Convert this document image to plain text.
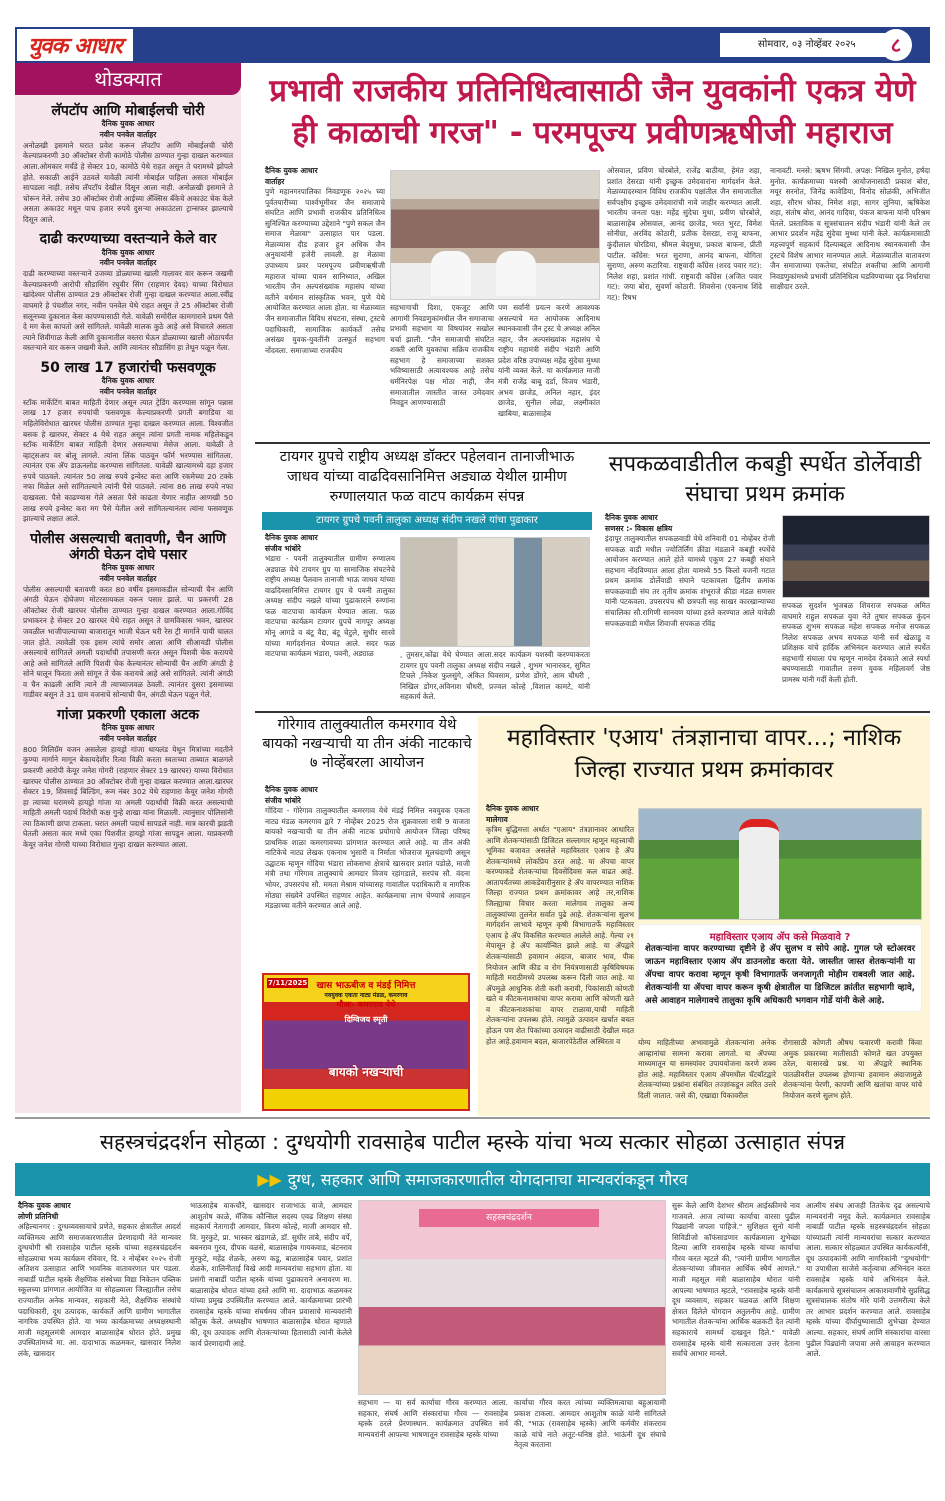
युवक आधार	सोमवार, ०३ नोव्हेंबर २०२५	८
थोडक्यात
लॅपटॉप आणि मोबाईलची चोरी
दैनिक युवक आधार
नवीन पनवेल वार्ताहर
अनोळखी इसमाने घरात प्रवेश करून लॅपटॉप आणि मोबाईलची चोरी केल्याप्रकरणी 30 ऑक्टोबर रोजी कामोठे पोलीस ठाण्यात गुन्हा दाखल करण्यात आला.ओमकार मर्चंडे हे सेक्टर 10, कामोठे येथे राहत असून ते घरामध्ये झोपले होते. सकाळी आईने उठवले यावेळी त्यांनी मोबाईल पाहिला असता मोबाईल सापडला नाही. तसेच लॅपटॉप देखील दिसून आला नाही. अनोळखी इसमाने ते चोरून नेले. तसेच 30 ऑक्टोबर रोजी आईच्या ॲक्सिस बँकेचे अकाउंट चेक केले असता अकाउंट मधून पाच हजार रुपये दुसऱ्या अकाउंटला ट्रान्सफर झाल्याचे दिसून आले.
दाढी करण्याच्या वस्तऱ्याने केले वार
दैनिक युवक आधार
नवीन पनवेल वार्ताहर
दाढी करण्याच्या वस्तऱ्याने उजव्या डोळ्याच्या खाली गालावर वार करून जखमी केल्याप्रकरणी आरोपी सौडासिंग रघुवीर सिंग (राहणार देवद) याच्या विरोधात खांदेश्वर पोलीस ठाण्यात 29 ऑक्टोबर रोजी गुन्हा दाखल करण्यात आला.रवींद्र वाघमारे हे पंचशील नगर, नवीन पनवेल येथे राहत असून ते 25 ऑक्टोबर रोजी सलूनच्या दुकानात केस कापण्यासाठी गेले. यावेळी समोरील कामगाराने प्रथम पैसे दे मग केस कापतो असे सांगितले. यावेळी मालक कुठे आहे असे विचारले असता त्याने शिवीगाळ केली आणि दुकानातील वस्तरा घेऊन डोळ्याच्या खाली ओठापर्यंत वस्तऱ्याने वार करून जखमी केले. आणि त्यानंतर सौडासिंग हा तेथून पळून गेला.
50 लाख 17 हजारांची फसवणूक
दैनिक युवक आधार
नवीन पनवेल वार्ताहर
स्टॉक मार्केटिंग बाबत माहिती देणार असून त्यात ट्रेडिंग करण्यास सांगून पन्नास लाख 17 हजार रुपयांची फसवणूक केल्याप्रकरणी प्रगती बगाडिया या महिलेविरोधात खारघर पोलीस ठाण्यात गुन्हा दाखल करण्यात आला. विश्वजीत बसक हे खारघर, सेक्टर 4 येथे राहत असून त्यांना प्रगती नामक महिलेकडून स्टॉक मार्केटिंग बाबत माहिती देणार असल्याचा मेसेज आला. यावेळी ते व्हाट्सअप वर बोलू लागले. त्यांना लिंक पाठवून फॉर्म भरण्यास सांगितला. त्यानंतर एक ॲप डाऊनलोड करण्यास सांगितला. यावेळी खात्यामध्ये दहा हजार रुपये पाठवले. त्यानंतर 50 लाख रुपये इन्वेस्ट करा आणि रकमेच्या 20 टक्के नफा मिळेल असे सांगितल्याने त्यांनी पैसे पाठवले. त्यांना 86 लाख रुपये नफा दाखवला. पैसे काढण्यास गेले असता पैसे काढता येणार नाहीत आणखी 50 लाख रुपये इन्वेस्ट करा मग पैसे येतील असे सांगितल्यानंतर त्यांना फसवणूक झाल्याचे लक्षात आले.
पोलीस असल्याची बतावणी, चैन आणि अंगठी घेऊन दोघे पसार
दैनिक युवक आधार
नवीन पनवेल वार्ताहर
पोलीस असल्याची बतावणी करत 80 वर्षीय इसमाकडील सोन्याची चैन आणि अंगठी घेऊन दोघेजण मोटरसायकल वरून पसार झाले. या प्रकरणी 28 ऑक्टोबर रोजी खारघर पोलीस ठाण्यात गुन्हा दाखल करण्यात आला.गोविंद प्रभाकरन हे सेक्टर 20 खारघर येथे राहत असून ते ग्रामविकास भवन, खारघर जवळील भाजीपाल्याच्या बाजारातून भाजी घेऊन घरी रेस ट्री मार्गाने पायी चालत जात होते. त्यावेळी एक इसम त्यांचे समोर आला आणि सीआयडी पोलीस असल्याचे सांगितले अमली पदार्थांची तपासणी करत असून पिशवी चेक करायचे आहे असे सांगितले आणि पिशवी चेक केल्यानंतर सोन्याची चैन आणि अंगठी हे सोने घालून फिरता असे सांगून ते चेक करायचे आहे असे सांगितले. त्यांनी अंगठी व चैन काढली आणि त्याने ती त्याच्याजवळ ठेवली. त्यानंतर दुसरा इसमाच्या गाडीवर बसून ते 31 ग्राम वजनाचे सोन्याची चैन, अंगठी घेऊन पळून गेले.
गांजा प्रकरणी एकाला अटक
दैनिक युवक आधार
नवीन पनवेल वार्ताहर
800 मिलिग्रॅम वजन असलेला हायड्रो गांजा थायलंड येथून मित्रांच्या मदतीने कुण्या मार्गाने मागून बेकायदेशीर रित्या विक्री करता स्वतःच्या ताब्यात बाळगले प्रकरणी आरोपी केयूर जनेश गोगरी (राहणार सेक्टर 19 खारघर) याच्या विरोधात खारघर पोलीस ठाण्यात 30 ऑक्टोबर रोजी गुन्हा दाखल करण्यात आला.खारघर सेक्टर 19, शिवसाई बिल्डिंग, रूम नंबर 302 येथे राहणारा केयूर जनेश गोगरी हा त्याच्या घरामध्ये हायड्रो गांजा या अमली पदार्थांची विक्री करत असल्याची माहिती अमली पदार्थ विरोधी कक्ष गुन्हे शाखा यांना मिळाली. त्यानुसार पोलिसांनी त्या ठिकाणी छापा टाकला. घरात अमली पदार्थ सापडले नाही. मात्र कारची झडती घेतली असता कार मध्ये एका पिशवीत हायड्रो गांजा सापडून आला. याप्रकरणी केयूर जनेश गोगरी याच्या विरोधात गुन्हा दाखल करण्यात आला.
प्रभावी राजकीय प्रतिनिधित्वासाठी जैन युवकांनी एकत्र येणे ही काळाची गरज" - परमपूज्य प्रवीणऋषीजी महाराज
दैनिक युवक आधार
वार्ताहर
पुणे महानगरपालिका निवडणूक २०२५ च्या पूर्वतयारीच्या पार्श्वभूमीवर जैन समाजाचे संघटित आणि प्रभावी राजकीय प्रतिनिधित्व सुनिश्चित करण्याच्या उद्देशाने "पुणे सकल जैन समाज मेळावा" उत्साहात पार पडला. मेळाव्यास दीड हजार हून अधिक जैन अनुयायांनी हजेरी लावली. हा मेळावा उपाध्याय प्रवर परमपूज्य प्रवीणऋषीजी महाराज यांच्या पावन सानिध्यात, अखिल भारतीय जैन अल्पसंख्यांक महासंघ यांच्या वतीने वर्धमान सांस्कृतिक भवन, पुणे येथे आयोजित करण्यात आला होता. या मेळाव्यात जैन समाजातील विविध संघटना, संस्था, ट्रस्टचे पदाधिकारी, सामाजिक कार्यकर्ते तसेच असंख्य युवक-युवतींनी उत्स्फूर्त सहभाग नोंदवला. समाजाच्या राजकीय
सहभागाची दिशा, एकजूट आणि आगामी निवडणुकांमधील जैन समाजाचा प्रभावी सहभाग या विषयांवर सखोल चर्चा झाली. "जैन समाजाची संघटित शक्ती आणि युवकांचा सक्रिय राजकीय सहभाग हे समाजाच्या सशक्त भविष्यासाठी अत्यावश्यक आहे तसेच धर्मनिरपेक्ष पक्ष मोठा नाही, जैन समाजातील जास्तीत जास्त उमेदवार निवडून आणण्यासाठी
पण सर्वांनी प्रयत्न करणे आवश्यक असल्याचे मत आयोजक आदिनाथ स्थानकवासी जैन ट्रस्ट चे अध्यक्ष अनिल नहार, जैन अल्पसंख्यांक महासंघ चे राष्ट्रीय महामंत्री संदीप भंडारी आणि प्रदेश वरिष्ठ उपाध्यक्ष महेंद्र सुंदेचा मुथ्था यांनी व्यक्त केले. या कार्यक्रमात माजी मंत्री राजेंद्र बाबू दर्डा, विजय भंडारी, अभय छाजेड, अनिल नहार, इंदर छाजेड, सुनील लोढा, लक्ष्मीकांत खाबिया, बाळासाहेब
ओसवाल, प्रविण चोरबोले, राजेंद्र बाठीया, हेमंत शहा, प्रशांत देसरडा यांनी इच्छुक उमेदवारांना मार्गदर्शन केले. मेळाव्यादरम्यान विविध राजकीय पक्षांतील जैन समाजातील सर्वपक्षीय इच्छुक उमेदवारांची नावे जाहीर करण्यात आली. भारतीय जनता पक्ष: महेंद्र सुंदेचा मुथा, प्रवीण चोरबोले, बाळासाहेब ओसवाल, आनंद छाजेड, भरत भुरट, विमेश सोनीग्रा, अरविंद कोठारी, प्रतीक देसरडा, राजू बाफना, कुंदीलाल चोरडिया, श्रीमल बेदमुथा, प्रकाश बाफना, प्रीती पाटील. काँग्रेस: भरत सुराणा, आनंद बाफना, योगिता सुराणा, अरुण कटारिया. राष्ट्रवादी काँग्रेस (शरद पवार गट): निलेश शहा, प्रशांत गांधी. राष्ट्रवादी काँग्रेस (अजित पवार गट): जया बोरा, सुवर्णा कोठारी. शिवसेना (एकनाथ शिंदे गट): रिषभ
नानावटी. मनसे: ऋषभ सिंगवी. अपक्ष: निखिल मुनोत, हर्षदा मुनोत. कार्यक्रमाच्या यशस्वी आयोजनासाठी प्रकाश बोरा, मयूर सरनोत, जिनेंद्र कावेडिया, विनोद सोळंकी, अभिजीत शहा, सौरभ धोका, निमेश शहा, सागर लुनिया, ऋषिकेश शहा, संतोष बोरा, आनंद गादिया, पंकज बाफना यांनी परिश्रम घेतले. प्रस्ताविक व सूत्रसंचालन संदीप भंडारी यांनी केले तर आभार प्रदर्शन महेंद्र सुंदेचा मुथ्था यांनी केले. कार्यक्रमासाठी महत्त्वपूर्ण सहकार्य दिल्याबद्दल आदिनाथ स्थानकवासी जैन ट्रस्टचे विशेष आभार मानण्यात आले. मेळाव्यातील वातावरण जैन समाजाच्या एकतेचा, संघटित शक्तीचा आणि आगामी निवडणुकांमध्ये प्रभावी प्रतिनिधित्व घडविण्याच्या दृढ निर्धाराचा साक्षीदार ठरले.
टायगर ग्रुपचे राष्ट्रीय अध्यक्ष डॉक्टर पहेलवान तानाजीभाऊ जाधव यांच्या वाढदिवसानिमित्त अड्याळ येथील ग्रामीण रुग्णालयात फळ वाटप कार्यक्रम संपन्न
टायगर ग्रुपचे पवनी तालुका अध्यक्ष संदीप नखले यांचा पुढाकार
दैनिक युवक आधार
संजीव भांबोरे
भंडारा - पवनी तालुक्यातील ग्रामीण रुग्णालय अड्याळ येथे टायगर ग्रुप या सामाजिक संघटनेचे राष्ट्रीय अध्यक्ष पैलवान तानाजी भाऊ जाधव यांच्या वाढदिवसानिमित्त टायगर ग्रुप चे पवनी तालुका अध्यक्ष संदीप नखले यांच्या पुढाकाराने रुग्णांना फळ वाटपाचा कार्यक्रम घेण्यात आला. फळ वाटपाचा कार्यक्रम टायगर ग्रुपचे नागपूर अध्यक्ष मोनू आगडे व बंटू वैद्य, बंटू चेटुले, सुधीर सारवे यांच्या मार्गदर्शनात घेण्यात आले. सदर फळ वाटपाचा कार्यक्रम भंडारा, पवनी, अड्याळ	, तुमसर,कोंढा येथे घेण्यात आला.सदर कार्यक्रम यशस्वी करण्याकरता टायगर ग्रुप पवनी तालुका अध्यक्ष संदीप नखले , शुभम भानारकर, सुमित टिचले ,निकेश फुलसुंगे, अंकित घिवसाम, प्रणेश डोंगरे, आम चौधरी , निखिल डोंगर,अविनाश चौधरी, प्रज्वल कोल्हे ,विशाल कामटे, यांनी सहकार्य केले.
सपकळवाडीतील कबड्डी स्पर्धेत डोर्लेवाडी संघाचा प्रथम क्रमांक
दैनिक युवक आधार
सणसर :- विकास क्षत्रिय
इंदापूर तालुक्यातील सपकळवाडी येथे शनिवारी 01 नोव्हेंबर रोजी सपकळ वाडी मधील ज्योतिर्लिंग क्रीडा मंडळाने कबड्डी स्पर्धेचे आयोजन करण्यात आले होते यामध्ये एकूण 27 कबड्डी संघाने सहभाग नोंदविण्यात आला होता यामध्ये 55 किलो वजनी गटात प्रथम क्रमांक डोर्लेवाडी संघाने पटकावला द्वितीय क्रमांक सपकळवाडी संघ तर तृतीय क्रमांक शंभूराजे क्रीडा मंडळ सणसर यांनी पटकवला. उपसरपंच श्री छत्रपती सह साखर कारखान्याच्या संचालिका सौ.रागिणी सानवण यांच्या हस्ते करण्यात आले यावेळी सपकळवाडी मधील शिवाजी सपकळ रविंद्र
सपकळ सुदर्शन भुजबळ शिवराज सपकळ अमित वाघमारे राहुल सपकळ युवा नेते तुषार सपकळ कुंदन सपकळ शुभम सपकळ महेश सपकळ मनोज सपकळ निलेश सपकळ अभय सपकळ यांनी सर्व खेळाडू व प्रशिक्षक यांचे हार्दिक अभिनंदन करण्यात आले स्पर्धेत सहभागी संघाला पंच म्हणून नामदेव देवकाते आले स्पर्धा बघण्यासाठी गावातील तरुण युवक महिलावर्ग जेष्ठ प्रामस्थ यांनी गर्दी केली होती.
गोरेगाव तालुक्यातील कमरगाव येथे बायको नखऱ्याची या तीन अंकी नाटकाचे ७ नोव्हेंबरला आयोजन
दैनिक युवक आधार
संजीव भांबोरे
गोंदिया - गोरेगाव तालुक्यातील कमरगाव येथे मंडई निमित्त नवयुवक एकता नाट्य मंडळ कमरगाव द्वारे 7 नोव्हेंबर 2025 रोज शुक्रवारला रात्री 9 वाजता बायको नखऱ्याची या तीन अंकी नाटक प्रयोगाचे आयोजन जिल्हा परिषद प्राथमिक शाळा कमरगावच्या प्रांगणात करण्यात आले आहे. या तीन अंकी नाटिकेचे नाट्य लेखक एकनाथ भुसारी व निर्माता भोजराज मूलचंदाणी असून उद्घाटक म्हणून गोंदिया भंडारा लोकसभा क्षेत्राचे खासदार प्रशांत पडोळे, माजी मंत्री तथा गोरेगाव तालुक्याचे आमदार विजय रहांगडाले, सरपंच सौ. वंदना भोयर, उपसरपंच सौ. ममता मेश्राम यांच्यासह गावातील पदाधिकारी व नागरिक मोठ्या संख्येने उपस्थित राहणार आहेत. कार्यक्रमाचा लाभ घेण्याचे आवाहन मंडळाच्या वतीने करण्यात आले आहे.
खास भाऊबीज व मंडई निमित्त
नवयुवक एकता नाट्य मंडळ, कमरगाव
मौजा- कमरगाव येथे
7/11/2025
दिग्विजय स्मृती
बायको नखऱ्याची
महाविस्तार 'एआय' तंत्रज्ञानाचा वापर...; नाशिक जिल्हा राज्यात प्रथम क्रमांकावर
दैनिक युवक आधार
मालेगाव
कृत्रिम बुद्धिमत्ता अर्थात "एआय" तंत्रज्ञानावर आधारित आणि शेतकऱ्यांसाठी डिजिटल सल्लागार म्हणून महत्त्वाची भूमिका बजावत असलेले महाविस्तार एआय हे ॲप शेतकऱ्यांमध्ये लोकप्रिय ठरत आहे. या ॲपचा वापर करण्याकडे शेतकऱ्यांचा दिवसेंदिवस कल वाढत आहे. आतापर्यंतच्या आकडेवारीनुसार हे ॲप वापरण्यात नाशिक जिल्हा राज्यात प्रथम क्रमांकावर आहे तर,नाशिक जिल्ह्याचा विचार करता मालेगाव तालुका अन्य तालुक्यांच्या तुलनेत सर्वात पुढे आहे. शेतकऱ्यांना सुलभ मार्गदर्शन लाभावे म्हणून कृषी विभागातर्फे महाविस्तार एआय हे ॲप विकसित करण्यात आलेले आहे. गेल्या २१ मेपासून हे ॲप कार्यान्वित झाले आहे. या ॲपद्वारे शेतकऱ्यांसाठी हवामान अंदाज, बाजार भाव, पीक नियोजन आणि कीड व रोग नियंत्रणासाठी कृषिविषयक माहिती मराठीमध्ये उपलब्ध करून दिली जात आहे. या ॲपमुळे आधुनिक शेती कशी करावी, पिकांसाठी कोणती खते व कीटकनाशकांचा वापर करावा आणि कोणती खते व कीटकनाशकांचा वापर टाळावा,याची माहिती शेतकऱ्यांना उपलब्ध होते. त्यामुळे उत्पादन खर्चात बचत होऊन पण शेत पिकांच्या उत्पादन वाढीसाठी देखील मदत होत आहे.हवामान बदल, बाजारपेठेतील अस्थिरता व
महाविस्तार एआय ॲप कसे मिळवावे ?
शेतकऱ्यांना वापर करण्याच्या दृष्टीने हे ॲप सुलभ व सोपे आहे. गुगल प्ले स्टोअरवर जाऊन महाविस्तार एआय ॲप डाउनलोड करता येते. जास्तीत जास्त शेतकऱ्यांनी या ॲपचा वापर करावा म्हणून कृषी विभागातर्फे जनजागृती मोहीम राबवली जात आहे. शेतकऱ्यांनी या ॲपचा वापर करून कृषी क्षेत्रातील या डिजिटल क्रांतीत सहभागी व्हावे, असे आवाहन मालेगावचे तालुका कृषि अधिकारी भगवान गोर्डे यांनी केले आहे.
योग्य माहितीच्या अभावामुळे शेतकऱ्यांना अनेक आव्हानांचा सामना करावा लागतो. या ॲपच्या माध्यमातून या समस्यांवर उपाययोजना करणे शक्य होत आहे. महाविस्तार एआय ॲपमधील चॅटबॉटद्वारे शेतकऱ्यांच्या प्रश्नांना संबंधित तज्ज्ञांकडून त्वरित उत्तरे दिली जातात. जसे की, एखाद्या पिकावरील
रोगासाठी कोणती औषध फवारणी करावी किंवा अमुक प्रकारच्या मातीसाठी कोणते खत उपयुक्त ठरेल, यासारखे प्रश्न. या ॲपद्वारे स्थानिक पातळीवरील उपलब्ध होणाऱ्या हवामान अंदाजामुळे शेतकऱ्यांना पेरणी, कापणी आणि खतांचा वापर यांचे नियोजन करणे सुलभ होते.
सहस्त्रचंद्रदर्शन सोहळा : दुग्धयोगी रावसाहेब पाटील म्हस्के यांचा भव्य सत्कार सोहळा उत्साहात संपन्न
▶▶ दुग्ध, सहकार आणि समाजकारणातील योगदानाचा मान्यवरांकडून गौरव
दैनिक युवक आधार
लोणी प्रतिनिधी
अहिल्यानगर : दुग्धव्यवसायाचे प्रणेते, सहकार क्षेत्रातील आदर्श व्यक्तिमत्व आणि समाजकारणातील प्रेरणादायी नेते मान्यवर दुग्धयोगी श्री रावसाहेब पाटील म्हस्के यांच्या सहस्त्रचंद्रदर्शन सोहळ्याचा भव्य कार्यक्रम रविवार, दि. २ नोव्हेंबर २०२५ रोजी अतिशय उत्साहात आणि भावनिक वातावरणात पार पडला. नाबार्डी पाटील म्हस्के शैक्षणिक संस्थेच्या विद्या निकेतन पब्लिक स्कूलच्या प्रांगणात आयोजित या सोहळ्याला जिल्ह्यातील तसेच राज्यातील अनेक मान्यवर, सहकारी नेते, शैक्षणिक संस्थांचे पदाधिकारी, दूध उत्पादक, कार्यकर्ते आणि ग्रामीण भागातील नागरिक उपस्थित होते. या भव्य कार्यक्रमाच्या अध्यक्षस्थानी माजी महसूलमंत्री आमदार बाळासाहेब थोरात होते. प्रमुख उपस्थितांमध्ये मा. आ. दादाभाऊ कळमकर, खासदार निलेश लंके, खासदार
भाऊसाहेब वाकचौरे, खासदार राजाभाऊ वाजे, आमदार आशुतोष काळे, मॅजिक कौन्सिल सदस्य एवढ शिक्षण संस्था सहकार्य नेतागादी आमदार, किरण कोल्हे, माजी आमदार सौ. वि. मुरकुटे, प्रा. भास्कर खंडागळे, डॉ. सुधीर तांबे, संदीप वर्पे, बबनराव गुरव, दीपक वळसे, बाळासाहेब गायकवाड, बंटनराव मुरकुटे, महेंद्र शेळके, अरुण कडू, बाळासाहेब पवार, प्रशांत शेळके, शालिनीताई विखे आदी मान्यवरांचा सहभाग होता. या प्रसंगी नाबार्डी पाटील म्हस्के यांच्या पुढाकाराने अनावरण मा. बाळासाहेब थोरात यांच्या हस्ते आणि मा. दादाभाऊ कळमकर यांच्या प्रमुख उपस्थितीत करण्यात आले. कार्यक्रमाच्या प्रारंभी रावसाहेब म्हस्के यांच्या संघर्षमय जीवन प्रवासाचे मान्यवरांनी कौतुक केले. अध्यक्षीय भाषणात बाळासाहेब थोरात म्हणाले की, दूध उत्पादक आणि शेतकऱ्यांच्या हितासाठी त्यांनी केलेले कार्य प्रेरणादायी आहे.
सहस्त्रचंद्रदर्शन
सहभाग — या सर्व कार्याचा गौरव करण्यात आला. सहकार, संघर्ष आणि संस्कारांचा गौरव — रावसाहेब म्हस्के ठरले प्रेरणास्थान. कार्यक्रमात उपस्थित सर्व मान्यवरांनी आपल्या भाषणातून रावसाहेब म्हस्के यांच्या
कार्याचा गौरव करत त्यांच्या व्यक्तिमत्वाचा बहुआयामी प्रकाश टाकला. आमदार आशुतोष काळे यांनी सांगितले की, "भाऊ (रावसाहेब म्हस्के) आणि कर्मवीर शंकरराव काळे यांचे नाते अतूट-घनिष्ठ होते. भाऊंनी दूध संघाचे नेतृत्व करताना
सुरू केले आणि देशभर श्रीराम आईस्क्रीमचे नाव गाजवले. आज त्यांच्या कार्याचा वारसा पुढील पिढ्यांनी जपला पाहिजे." सुशिक्षत सुनो यांनी सिविडीजो कॉफंसाडणार कार्यक्रमाला शुभेच्छा दिल्या आणि रावसाहेब म्हस्के यांच्या कार्याचा गौरव करत म्हटले की, "त्यांनी ग्रामीण भागातील शेतकऱ्यांच्या जीवनात आर्थिक स्थैर्य आणले." माजी महसूल मंत्री बाळासाहेब थोरात यांनी आपल्या भाषणात म्हटले, "रावसाहेब म्हस्के यांनी दूध व्यवसाय, सहकार चळवळ आणि शिक्षण क्षेत्रात दिलेले योगदान अतुलनीय आहे. ग्रामीण भागातील शेतकऱ्यांना आर्थिक बळकटी देत त्यांनी सहकाराचे सामर्थ्य दाखवून दिले." यावेळी रावसाहेब म्हस्के यांनी सत्काराला उत्तर देताना सर्वांचे आभार मानले.
आत्मीय संबंध आजही तितकेच दृढ असल्याचे मान्यवरांनी नमूद केले. कार्यक्रमात रावसाहेब नाबार्डी पाटील म्हस्के सहस्त्रचंद्रदर्शन सोहळा यांच्याप्रती त्यांनी मान्यवरांचा सत्कार करण्यात आला. सत्कार सोहळ्यात उपस्थित कार्यकर्त्यांनी, दूध उत्पादकांनी आणि नागरिकांनी "दुग्धयोगी" या उपाधीला साजेसे कर्तृत्वाचा अभिनंदन करत रावसाहेब म्हस्के यांचे अभिनंदन केले. कार्यक्रमाचे सूत्रसंचालन आकाशवाणीचे सुप्रसिद्ध सूत्रसंचालक संतोष मोरे यांनी उत्तमरीत्या केले तर आभार प्रदर्शन करण्यात आले. रावसाहेब म्हस्के यांच्या दीर्घायुष्यासाठी शुभेच्छा देण्यात आल्या. सहकार, संघर्ष आणि संस्कारांचा वारसा पुढील पिढ्यांनी जपावा असे आवाहन करण्यात आले.
